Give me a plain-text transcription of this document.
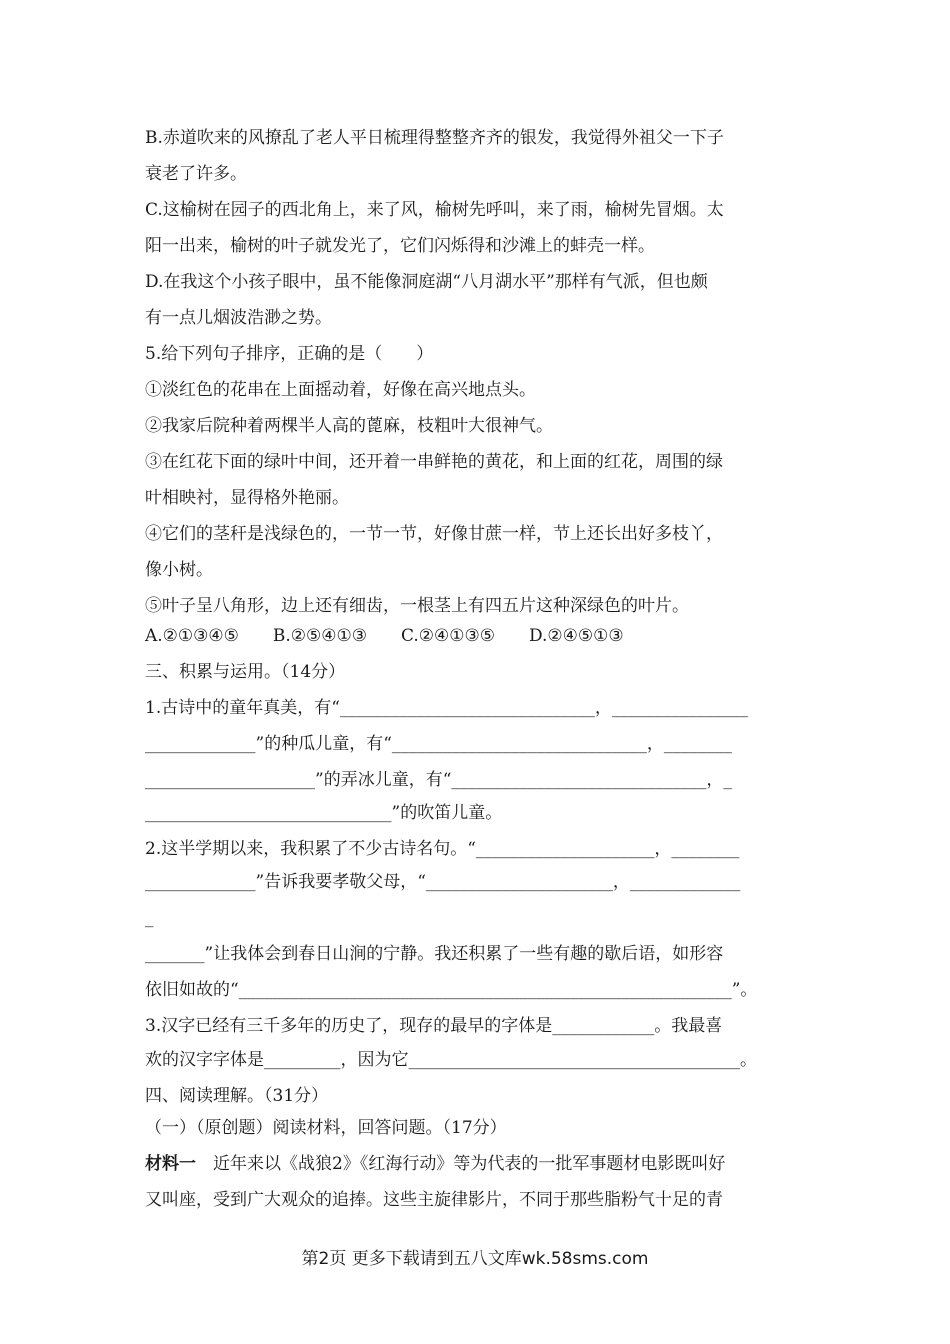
B.赤道吹来的风撩乱了老人平日梳理得整整齐齐的银发，我觉得外祖父一下子
衰老了许多。
C.这榆树在园子的西北角上，来了风，榆树先呼叫，来了雨，榆树先冒烟。太
阳一出来，榆树的叶子就发光了，它们闪烁得和沙滩上的蚌壳一样。
D.在我这个小孩子眼中，虽不能像洞庭湖“八月湖水平”那样有气派，但也颇
有一点儿烟波浩渺之势。
5.给下列句子排序，正确的是（　　）
①淡红色的花串在上面摇动着，好像在高兴地点头。
②我家后院种着两棵半人高的蓖麻，枝粗叶大很神气。
③在红花下面的绿叶中间，还开着一串鲜艳的黄花，和上面的红花，周围的绿
叶相映衬，显得格外艳丽。
④它们的茎秆是浅绿色的，一节一节，好像甘蔗一样，节上还长出好多枝丫，
像小树。
⑤叶子呈八角形，边上还有细齿，一根茎上有四五片这种深绿色的叶片。
A.②①③④⑤　　B.②⑤④①③　　C.②④①③⑤　　D.②④⑤①③
三、积累与运用。（14分）
1.古诗中的童年真美，有“______________________________，________________
_____________”的种瓜儿童，有“______________________________，________
____________________”的弄冰儿童，有“______________________________，_
_____________________________”的吹笛儿童。
2.这半学期以来，我积累了不少古诗名句。“_____________________，________
_____________”告诉我要孝敬父母，“______________________，_____________
_
_______”让我体会到春日山涧的宁静。我还积累了一些有趣的歇后语，如形容
依旧如故的“__________________________________________________________”。
3.汉字已经有三千多年的历史了，现存的最早的字体是____________。我最喜
欢的汉字字体是_________，因为它_______________________________________。
四、阅读理解。（31分）
（一）（原创题）阅读材料，回答问题。（17分）
材料一　近年来以《战狼2》《红海行动》等为代表的一批军事题材电影既叫好
又叫座，受到广大观众的追捧。这些主旋律影片，不同于那些脂粉气十足的青
第2页 更多下载请到五八文库wk.58sms.com
